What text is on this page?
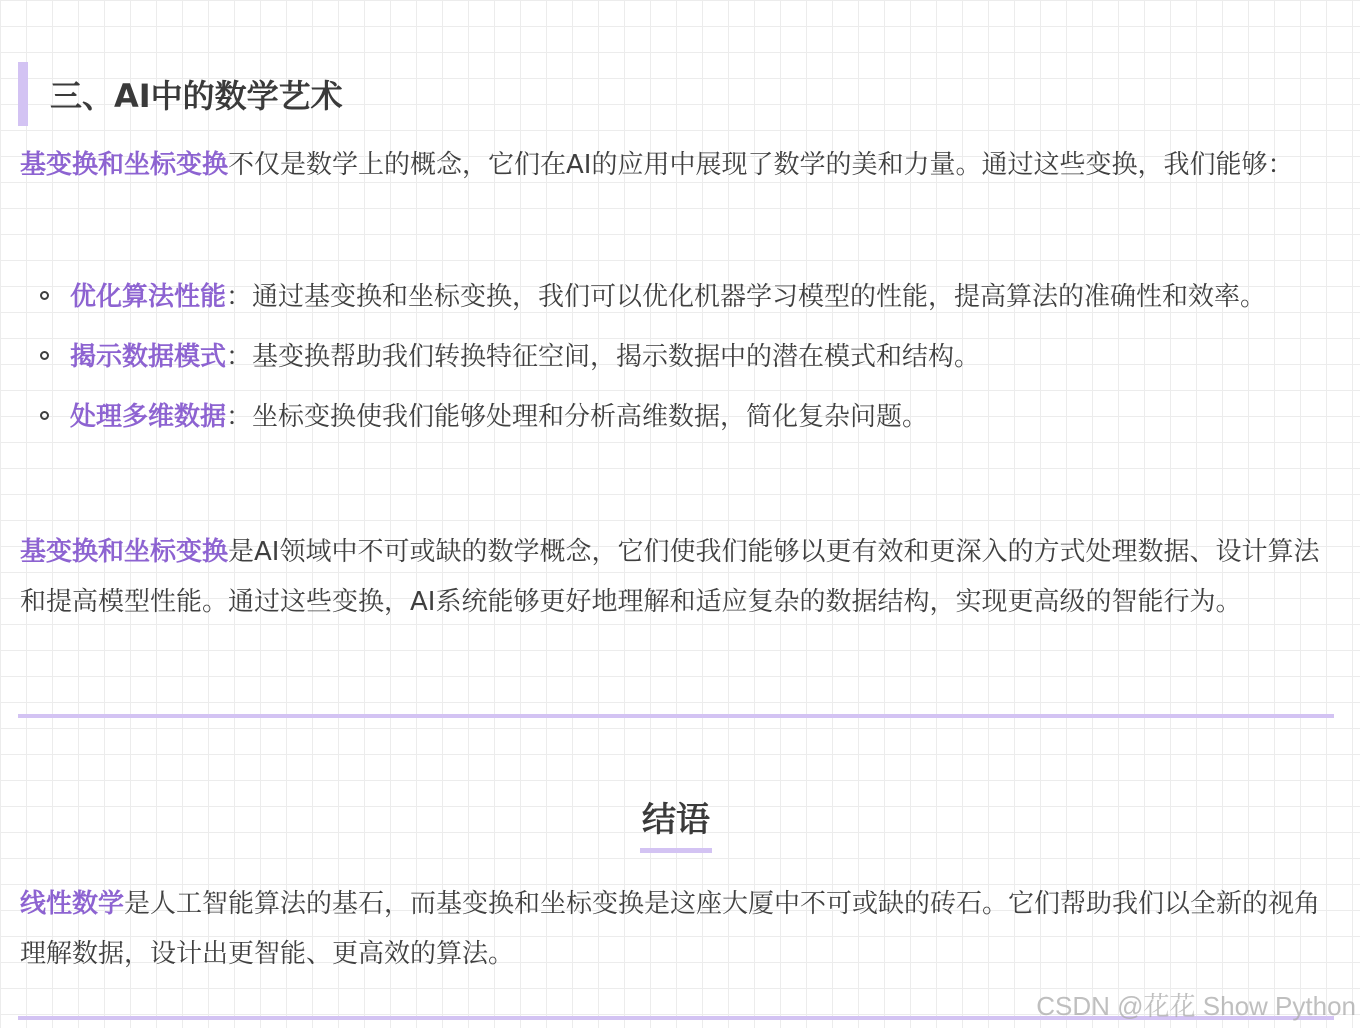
三、AI中的数学艺术

基变换和坐标变换不仅是数学上的概念，它们在AI的应用中展现了数学的美和力量。通过这些变换，我们能够：

优化算法性能：通过基变换和坐标变换，我们可以优化机器学习模型的性能，提高算法的准确性和效率。
揭示数据模式：基变换帮助我们转换特征空间，揭示数据中的潜在模式和结构。
处理多维数据：坐标变换使我们能够处理和分析高维数据，简化复杂问题。

基变换和坐标变换是AI领域中不可或缺的数学概念，它们使我们能够以更有效和更深入的方式处理数据、设计算法和提高模型性能。通过这些变换，AI系统能够更好地理解和适应复杂的数据结构，实现更高级的智能行为。

结语

线性数学是人工智能算法的基石，而基变换和坐标变换是这座大厦中不可或缺的砖石。它们帮助我们以全新的视角理解数据，设计出更智能、更高效的算法。

CSDN @花花 Show Python
